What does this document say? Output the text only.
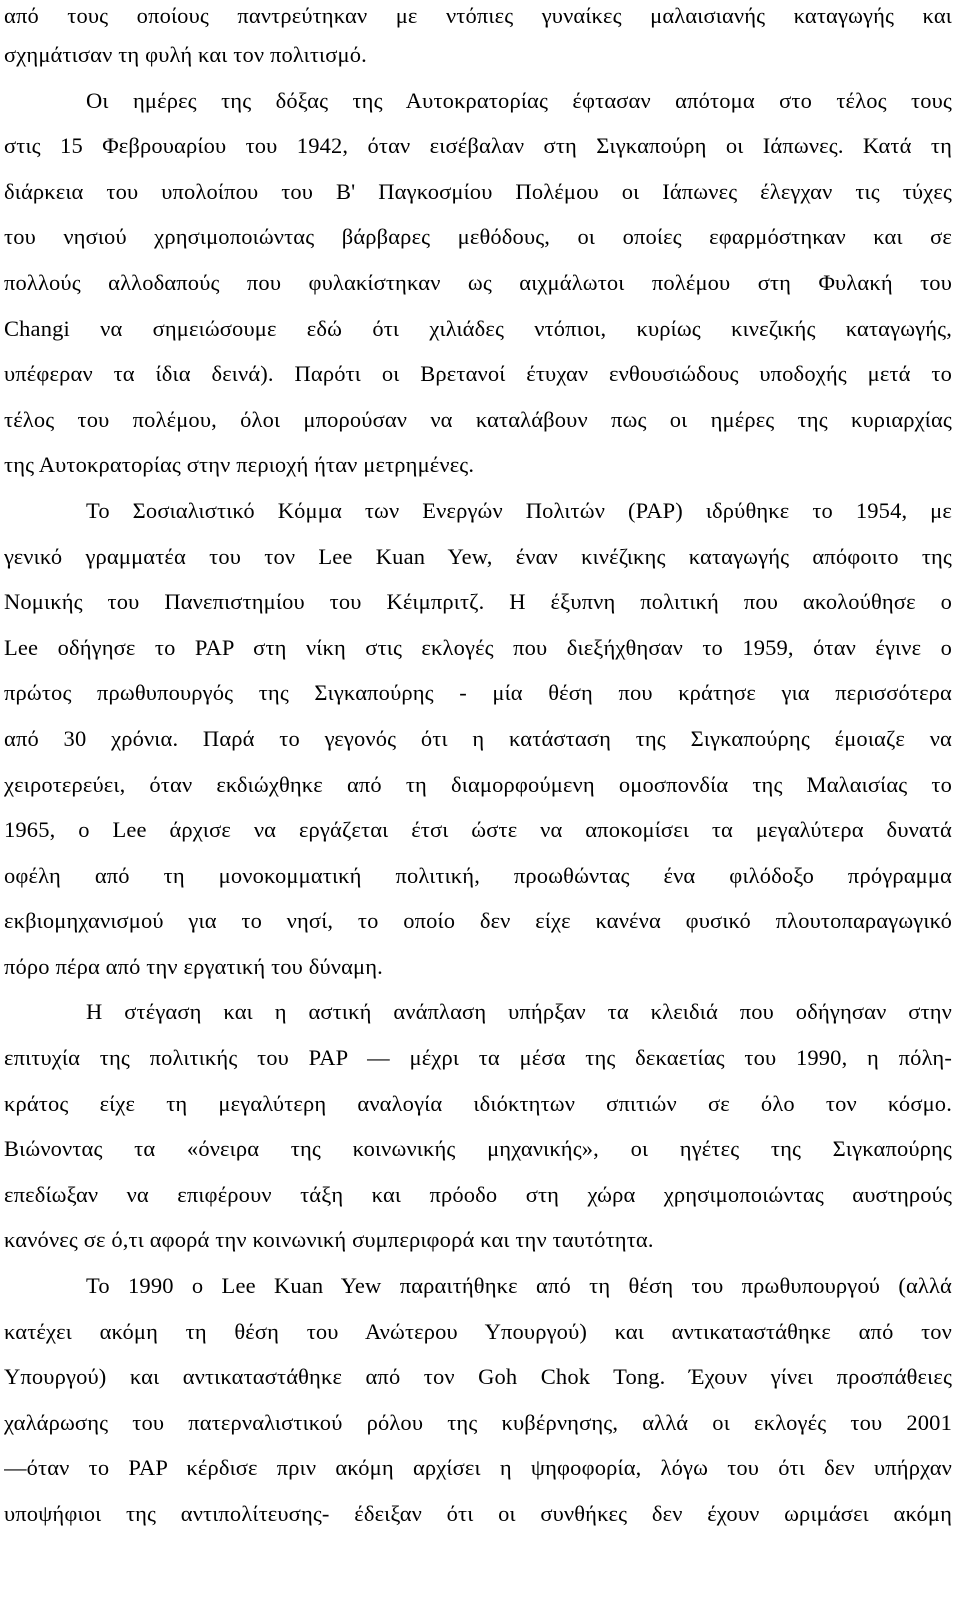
από τους οποίους παντρεύτηκαν με ντόπιες γυναίκες μαλαισιανής καταγωγής και
σχημάτισαν τη φυλή και τον πολιτισμό.
Οι ημέρες της δόξας της Αυτοκρατορίας έφτασαν απότομα στο τέλος τους
στις 15 Φεβρουαρίου του 1942, όταν εισέβαλαν στη Σιγκαπούρη οι Ιάπωνες. Κατά τη
διάρκεια του υπολοίπου του Β' Παγκοσμίου Πολέμου οι Ιάπωνες έλεγχαν τις τύχες
του νησιού χρησιμοποιώντας βάρβαρες μεθόδους, οι οποίες εφαρμόστηκαν και σε
πολλούς αλλοδαπούς που φυλακίστηκαν ως αιχμάλωτοι πολέμου στη Φυλακή του
Changi να σημειώσουμε εδώ ότι χιλιάδες ντόπιοι, κυρίως κινεζικής καταγωγής,
υπέφεραν τα ίδια δεινά). Παρότι οι Βρετανοί έτυχαν ενθουσιώδους υποδοχής μετά το
τέλος του πολέμου, όλοι μπορούσαν να καταλάβουν πως οι ημέρες της κυριαρχίας
της Αυτοκρατορίας στην περιοχή ήταν μετρημένες.
Το Σοσιαλιστικό Κόμμα των Ενεργών Πολιτών (PAP) ιδρύθηκε το 1954, με
γενικό γραμματέα του τον Lee Kuan Yew, έναν κινέζικης καταγωγής απόφοιτο της
Νομικής του Πανεπιστημίου του Κέιμπριτζ. Η έξυπνη πολιτική που ακολούθησε ο
Lee οδήγησε το PAP στη νίκη στις εκλογές που διεξήχθησαν το 1959, όταν έγινε ο
πρώτος πρωθυπουργός της Σιγκαπούρης - μία θέση που κράτησε για περισσότερα
από 30 χρόνια. Παρά το γεγονός ότι η κατάσταση της Σιγκαπούρης έμοιαζε να
χειροτερεύει, όταν εκδιώχθηκε από τη διαμορφούμενη ομοσπονδία της Μαλαισίας το
1965, ο Lee άρχισε να εργάζεται έτσι ώστε να αποκομίσει τα μεγαλύτερα δυνατά
οφέλη από τη μονοκομματική πολιτική, προωθώντας ένα φιλόδοξο πρόγραμμα
εκβιομηχανισμού για το νησί, το οποίο δεν είχε κανένα φυσικό πλουτοπαραγωγικό
πόρο πέρα από την εργατική του δύναμη.
Η στέγαση και η αστική ανάπλαση υπήρξαν τα κλειδιά που οδήγησαν στην
επιτυχία της πολιτικής του PAP — μέχρι τα μέσα της δεκαετίας του 1990, η πόλη-
κράτος είχε τη μεγαλύτερη αναλογία ιδιόκτητων σπιτιών σε όλο τον κόσμο.
Βιώνοντας τα «όνειρα της κοινωνικής μηχανικής», οι ηγέτες της Σιγκαπούρης
επεδίωξαν να επιφέρουν τάξη και πρόοδο στη χώρα χρησιμοποιώντας αυστηρούς
κανόνες σε ό,τι αφορά την κοινωνική συμπεριφορά και την ταυτότητα.
Το 1990 ο Lee Kuan Yew παραιτήθηκε από τη θέση του πρωθυπουργού (αλλά
κατέχει ακόμη τη θέση του Ανώτερου Υπουργού) και αντικαταστάθηκε από τον
Υπουργού) και αντικαταστάθηκε από τον Goh Chok Tong. Έχουν γίνει προσπάθειες
χαλάρωσης του πατερναλιστικού ρόλου της κυβέρνησης, αλλά οι εκλογές του 2001
—όταν το PAP κέρδισε πριν ακόμη αρχίσει η ψηφοφορία, λόγω του ότι δεν υπήρχαν
υποψήφιοι της αντιπολίτευσης- έδειξαν ότι οι συνθήκες δεν έχουν ωριμάσει ακόμη
